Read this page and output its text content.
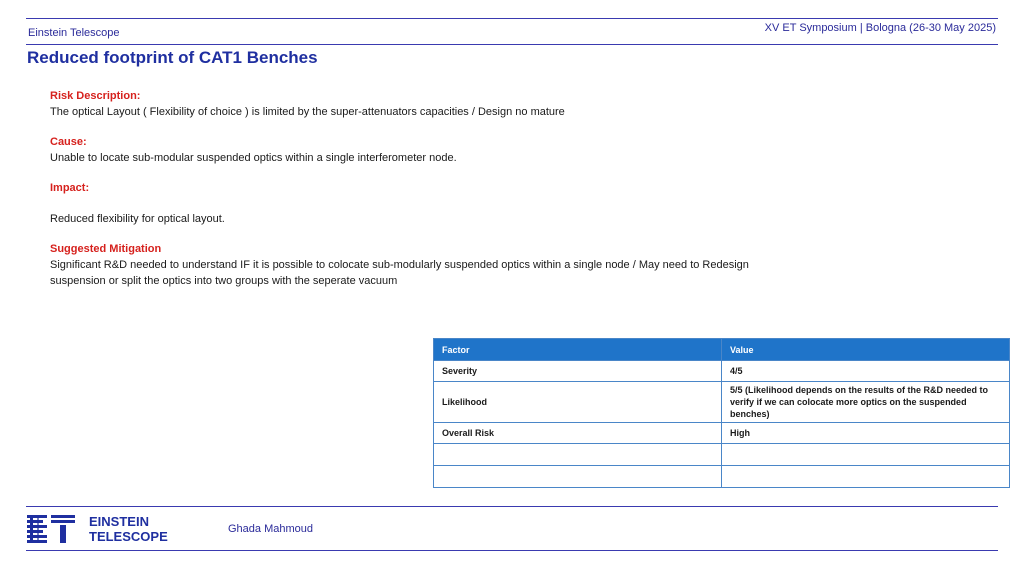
Einstein Telescope	XV ET Symposium | Bologna (26-30 May 2025)
Reduced footprint of CAT1 Benches
Risk Description:
The optical Layout ( Flexibility of choice ) is limited by the super-attenuators capacities / Design no mature
Cause:
Unable to locate sub-modular suspended optics within a single interferometer node.
Impact:
Reduced flexibility for optical layout.
Suggested Mitigation
Significant R&D needed to understand IF it is possible to colocate sub-modularly suspended optics within a single node / May need to Redesign
suspension or split the optics into two groups with the seperate vacuum
Factor	Value
Severity	4/5
Likelihood	5/5 (Likelihood depends on the results of the R&D needed to verify if we can colocate more optics on the suspended benches)
Overall Risk	High

EINSTEIN
TELESCOPE	Ghada Mahmoud
